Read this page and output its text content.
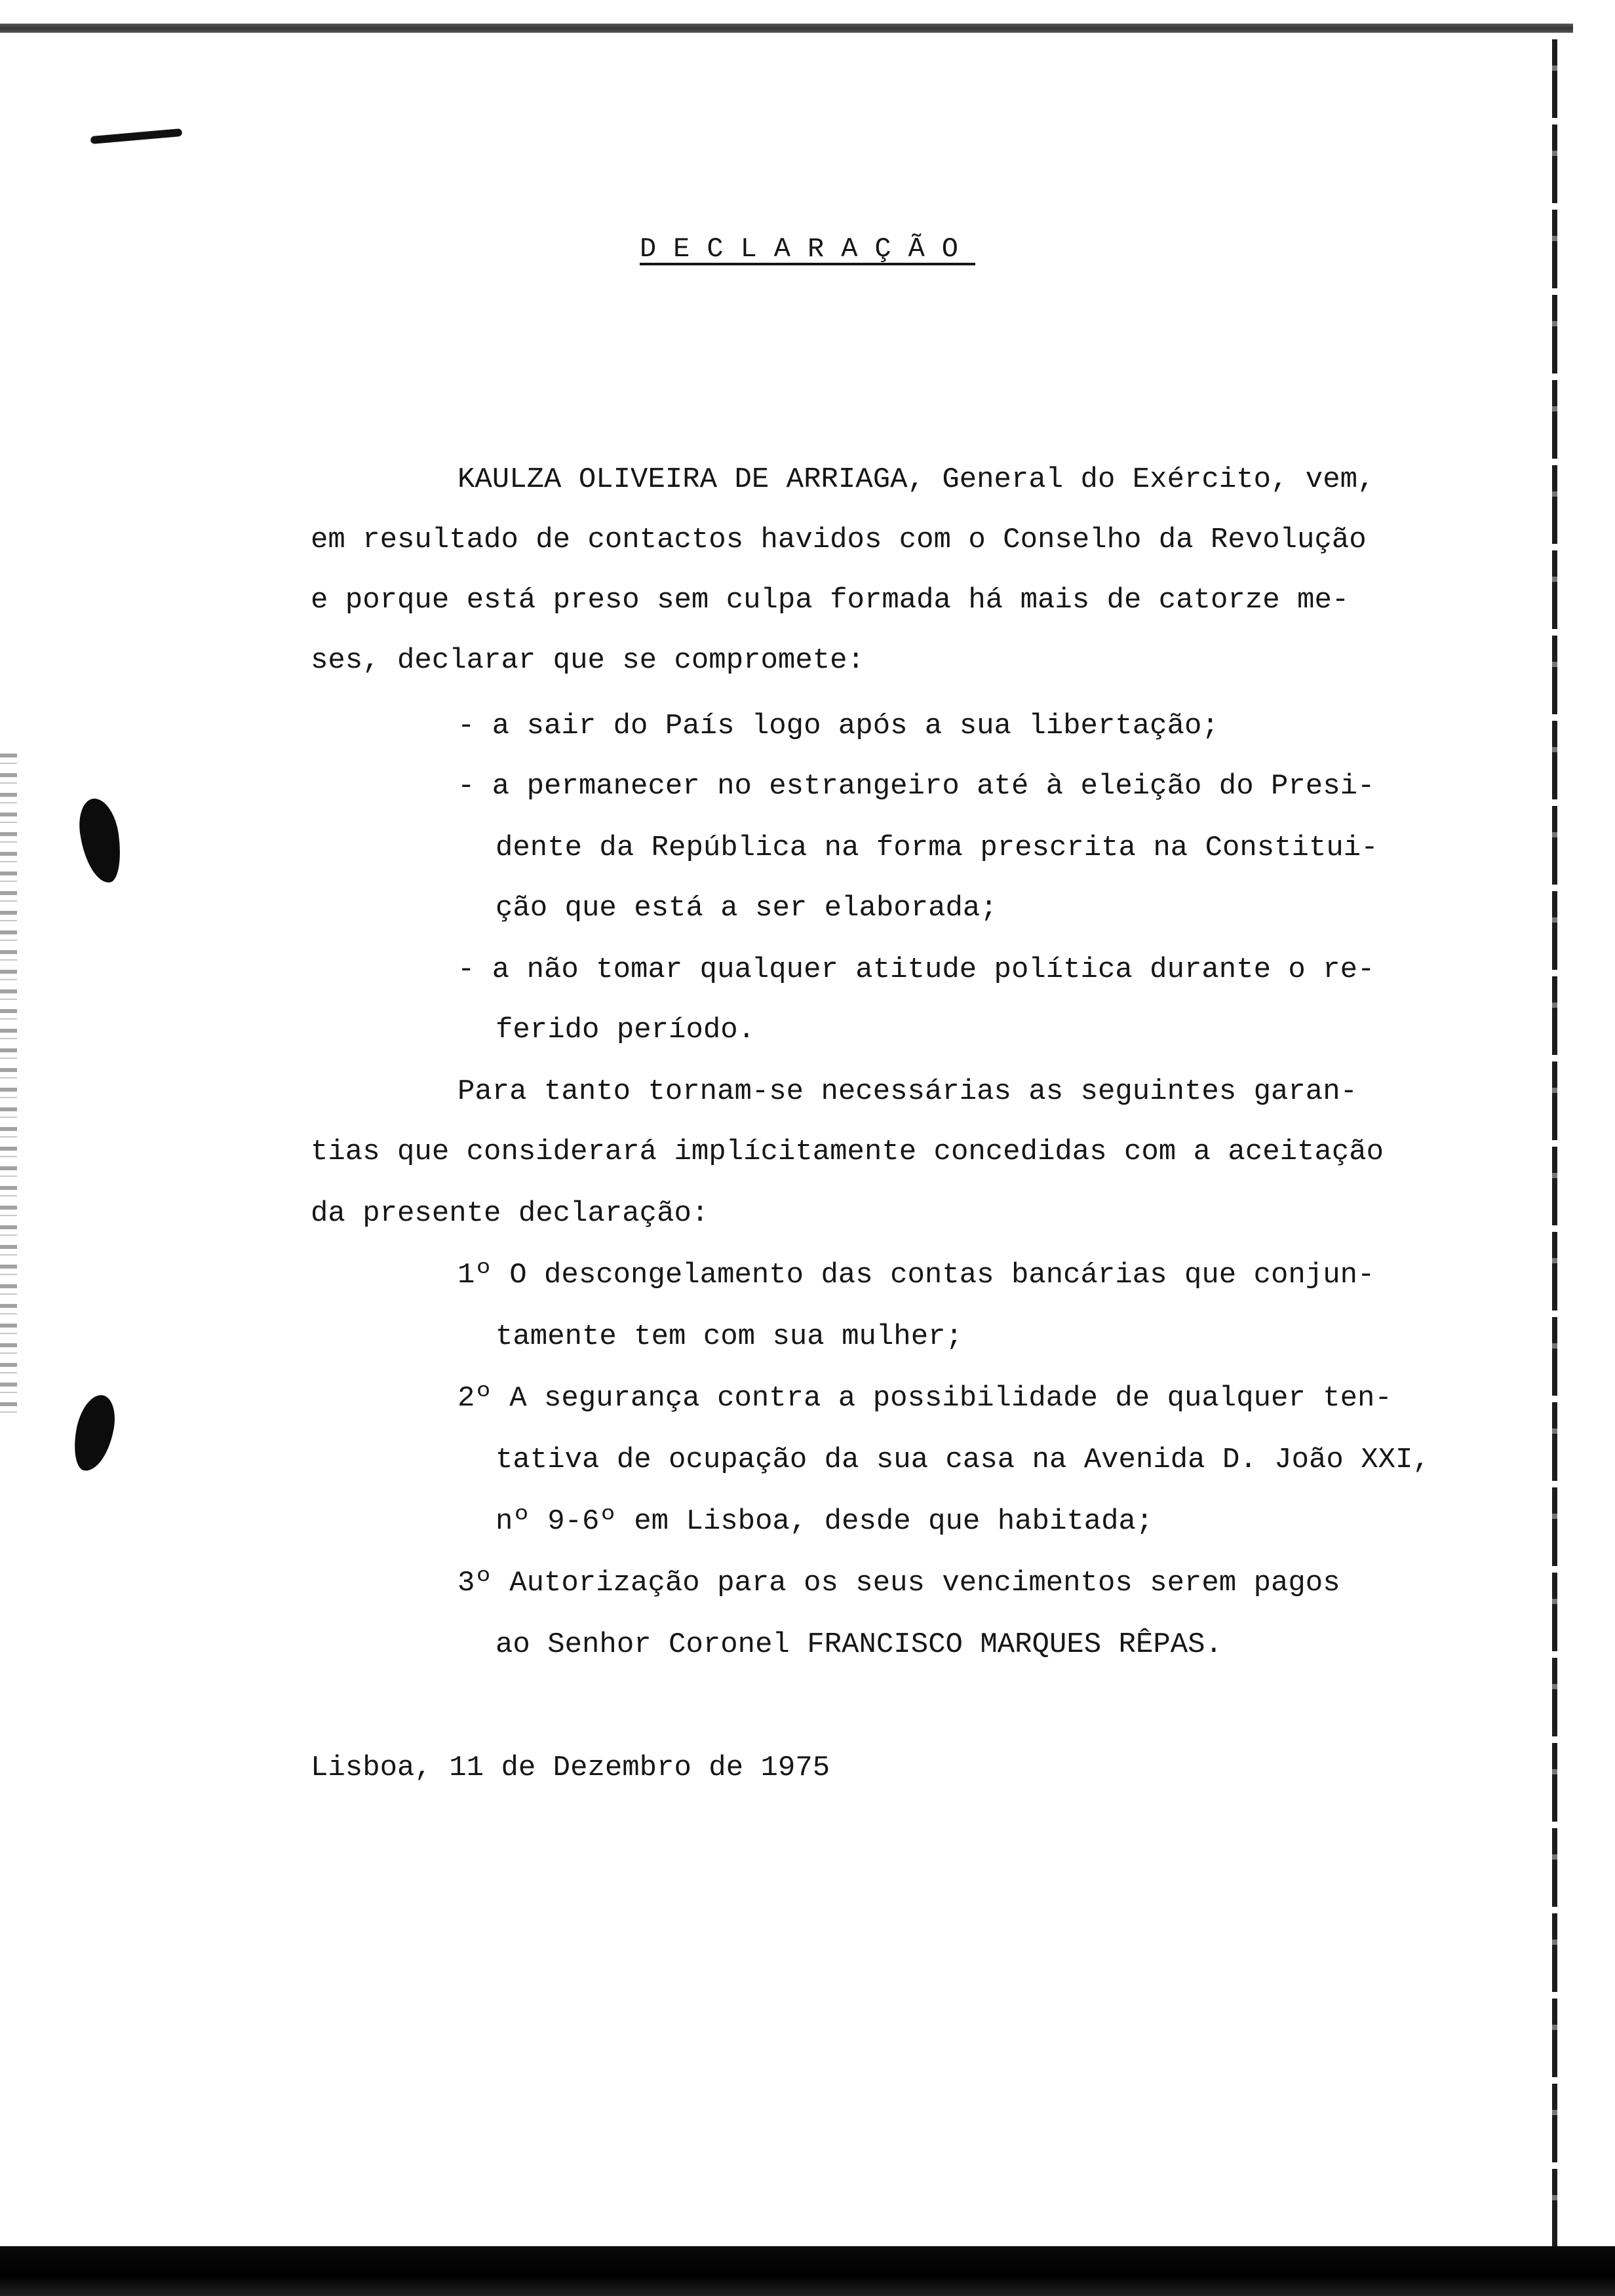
DECLARAÇÃO
KAULZA OLIVEIRA DE ARRIAGA, General do Exército, vem,
em resultado de contactos havidos com o Conselho da Revolução
e porque está preso sem culpa formada há mais de catorze me-
ses, declarar que se compromete:
- a sair do País logo após a sua libertação;
- a permanecer no estrangeiro até à eleição do Presi-
dente da República na forma prescrita na Constitui-
ção que está a ser elaborada;
- a não tomar qualquer atitude política durante o re-
ferido período.
Para tanto tornam-se necessárias as seguintes garan-
tias que considerará implícitamente concedidas com a aceitação
da presente declaração:
1º O descongelamento das contas bancárias que conjun-
tamente tem com sua mulher;
2º A segurança contra a possibilidade de qualquer ten-
tativa de ocupação da sua casa na Avenida D. João XXI,
nº 9-6º em Lisboa, desde que habitada;
3º Autorização para os seus vencimentos serem pagos
ao Senhor Coronel FRANCISCO MARQUES RÊPAS.
Lisboa, 11 de Dezembro de 1975
